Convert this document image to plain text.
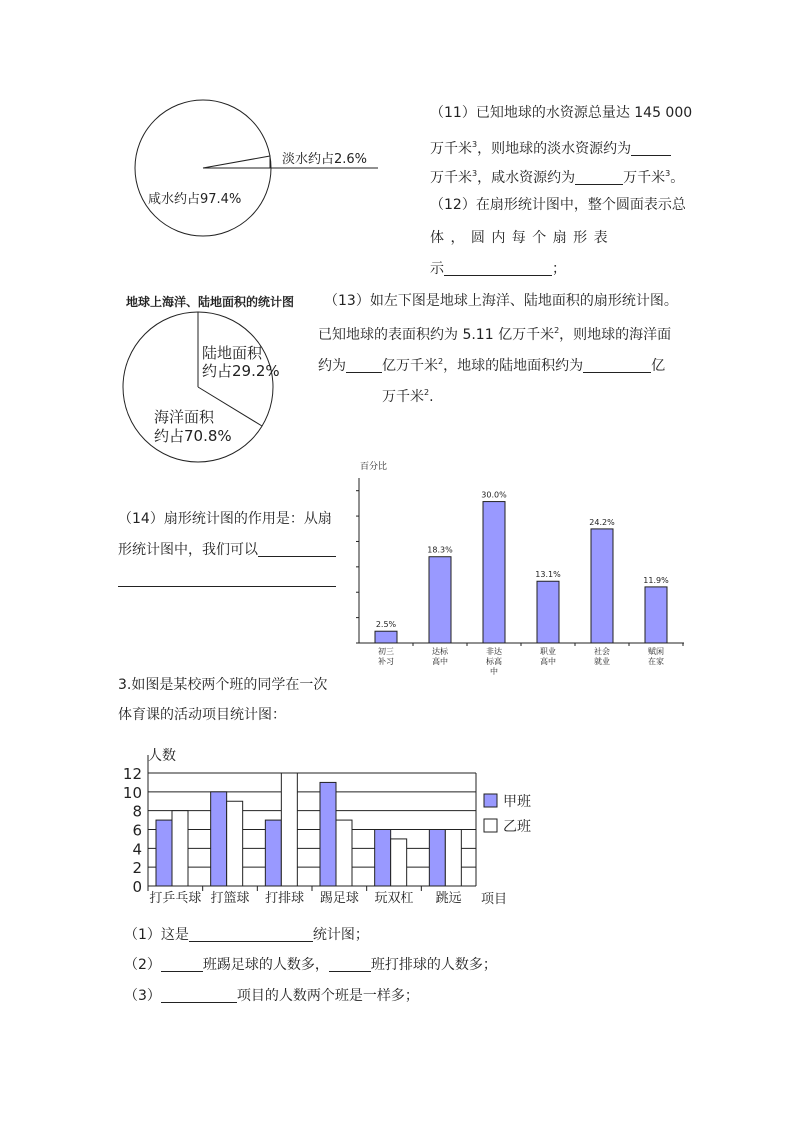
淡水约占2.6%
咸水约占97.4%
（11）已知地球的水资源总量达 145 000
万千米$^3$，则地球的淡水资源约为
万千米$^3$，咸水资源约为	万千米$^3$。
（12）在扇形统计图中，整个圆面表示总
体 ， 圆 内 每 个 扇 形 表
示	；
地球上海洋、陆地面积的统计图
陆地面积
约占29.2%
海洋面积
约占70.8%
（13）如左下图是地球上海洋、陆地面积的扇形统计图。
已知地球的表面积约为 5.11 亿万千米$^2$，则地球的海洋面
约为	亿万千米$^2$，地球的陆地面积约为	亿
万千米$^2$.
百分比
2.5%
初三
补习
18.3%
达标
高中
30.0%
非达
标高
中
13.1%
职业
高中
24.2%
社会
就业
11.9%
赋闲
在家
（14）扇形统计图的作用是：从扇
形统计图中，我们可以
3.如图是某校两个班的同学在一次
体育课的活动项目统计图：
人数
项目
0
2
4
6
8
10
12
打乒乓球 打篮球 打排球 踢足球 玩双杠 跳远
甲班
乙班
（1）这是	统计图；
（2）	班踢足球的人数多，	班打排球的人数多；
（3）	项目的人数两个班是一样多；
